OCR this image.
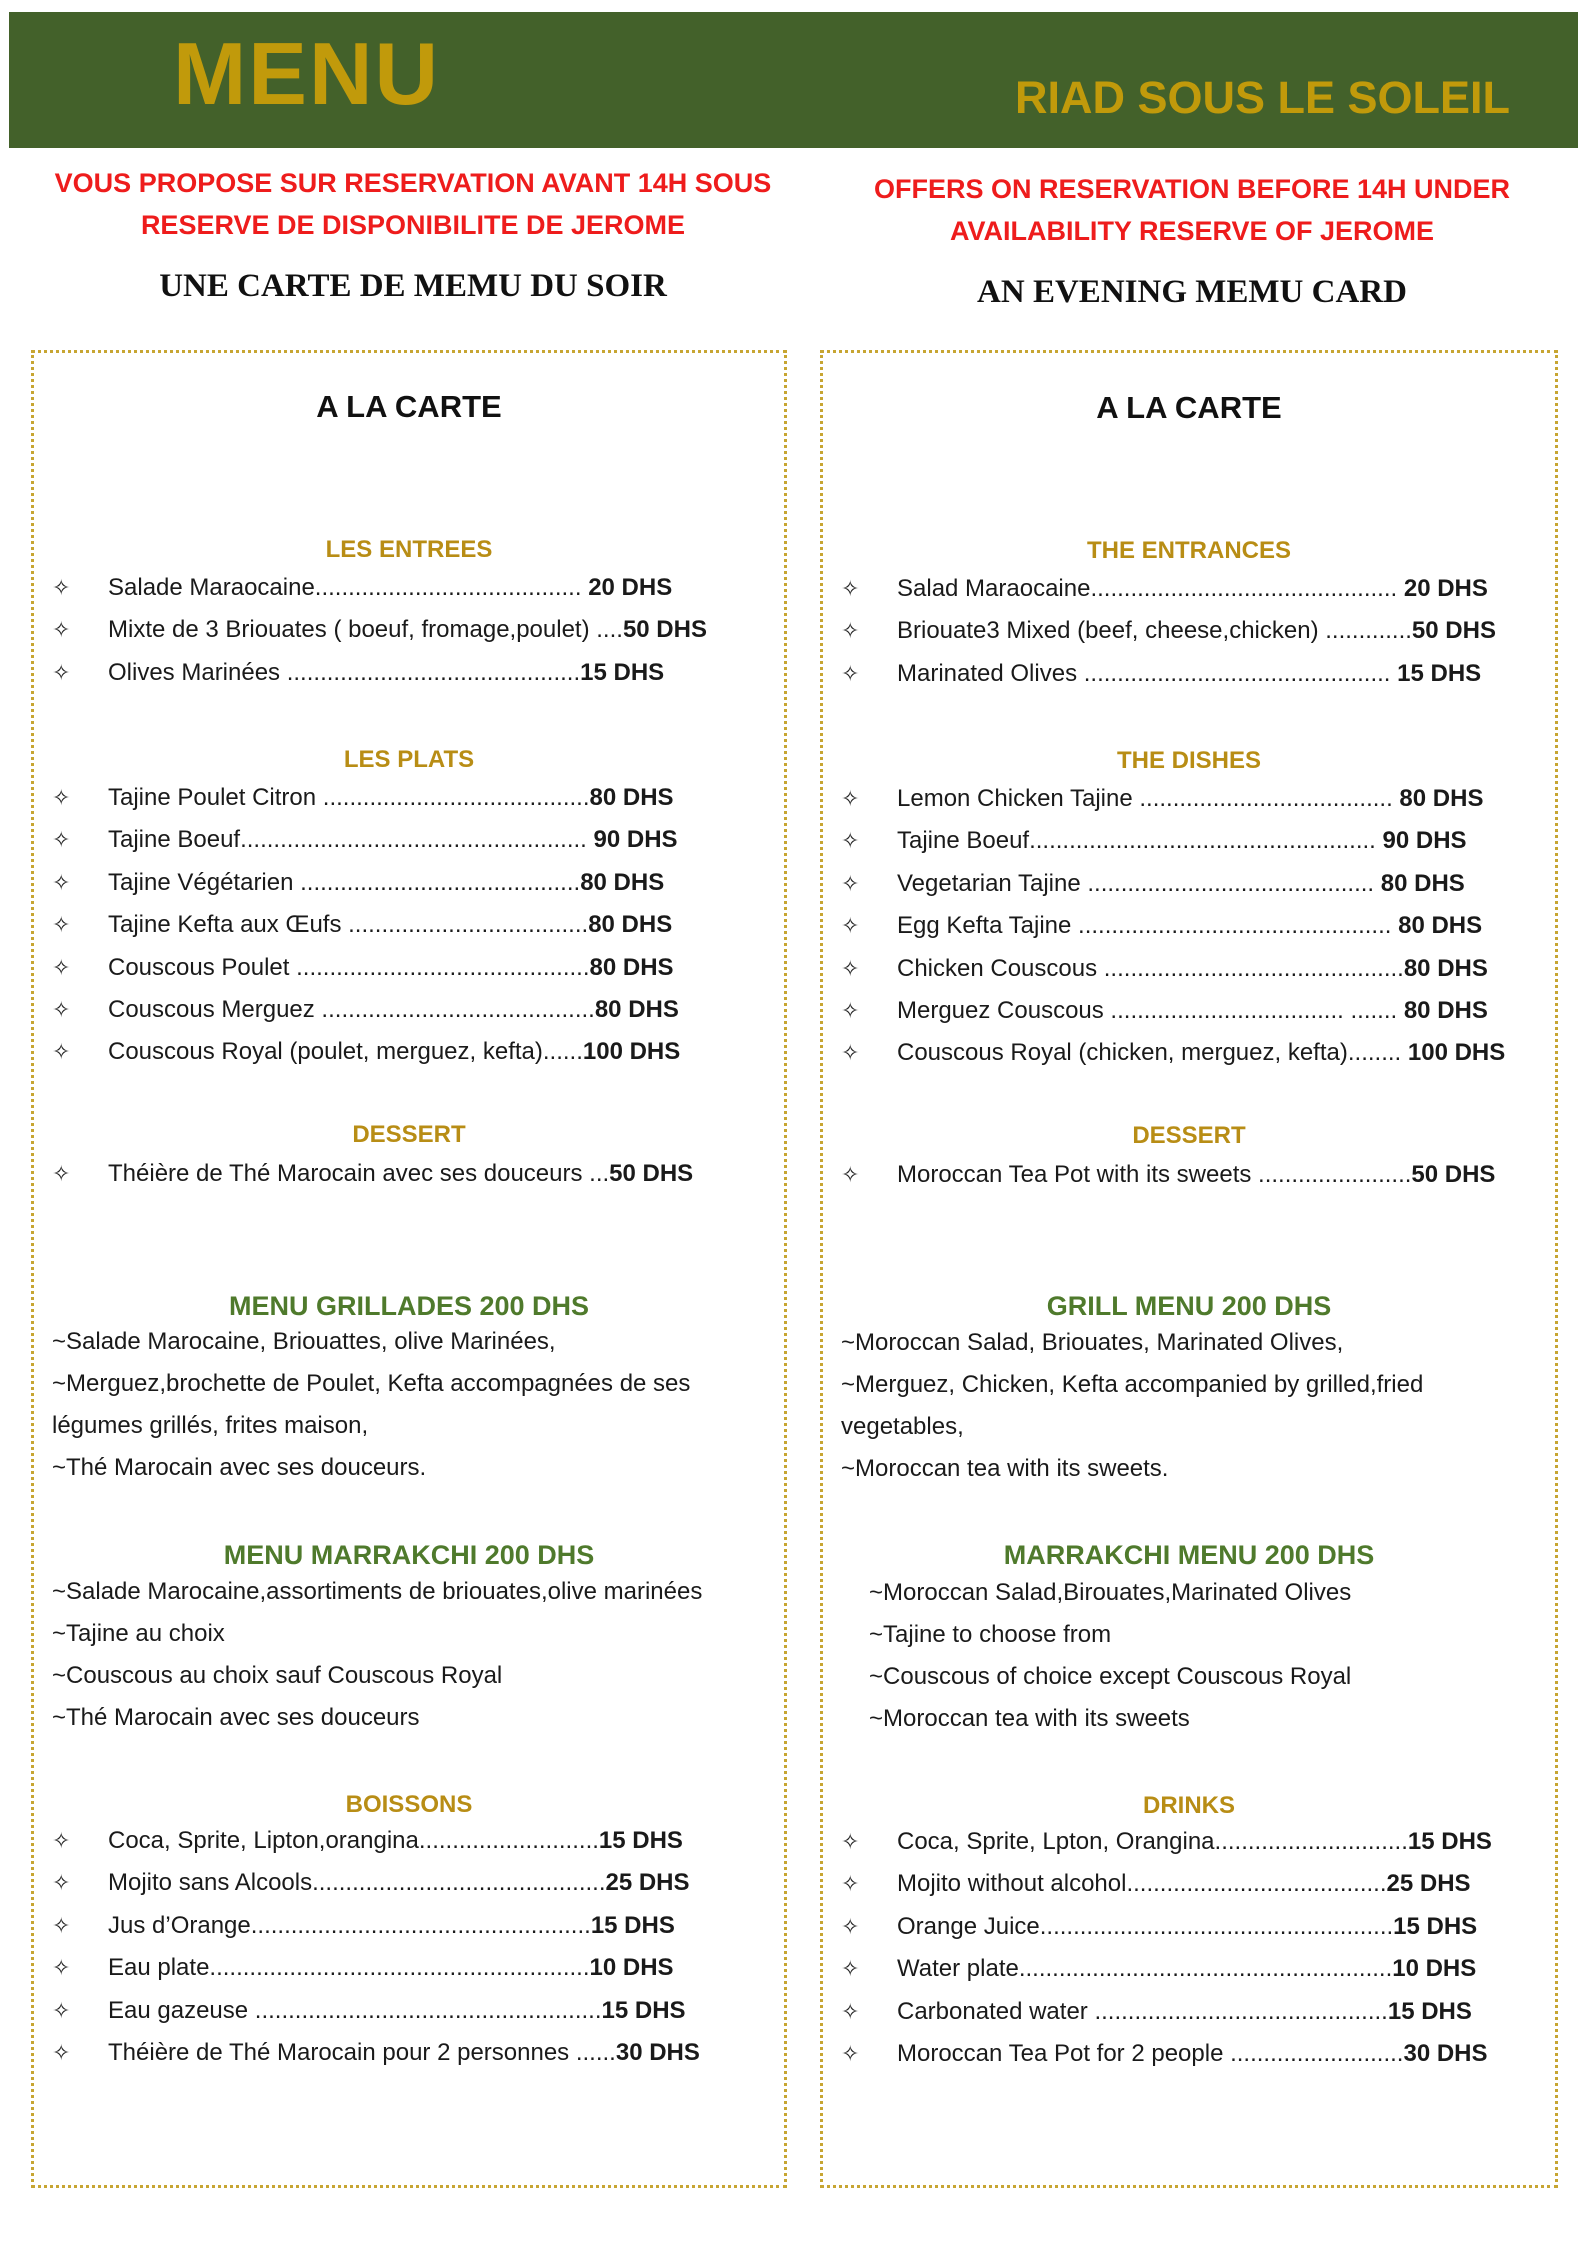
MENU	RIAD SOUS LE SOLEIL
VOUS PROPOSE SUR RESERVATION AVANT 14H SOUS
RESERVE DE DISPONIBILITE DE JEROME
OFFERS ON RESERVATION BEFORE 14H UNDER
AVAILABILITY RESERVE OF JEROME
UNE CARTE DE MEMU DU SOIR	AN EVENING MEMU CARD
A LA CARTE
LES ENTREES
LES PLATS
DESSERT
MENU GRILLADES 200 DHS
MENU MARRAKCHI 200 DHS
BOISSONS
✧ Salade Maraocaine........................................ 20 DHS
✧ Mixte de 3 Briouates ( boeuf, fromage,poulet) ....50 DHS
✧ Olives Marinées ............................................15 DHS
✧ Tajine Poulet Citron ........................................80 DHS
✧ Tajine Boeuf.................................................... 90 DHS
✧ Tajine Végétarien ..........................................80 DHS
✧ Tajine Kefta aux Œufs ....................................80 DHS
✧ Couscous Poulet ............................................80 DHS
✧ Couscous Merguez .........................................80 DHS
✧ Couscous Royal (poulet, merguez, kefta)......100 DHS
✧ Théière de Thé Marocain avec ses douceurs ...50 DHS
✧ Coca, Sprite, Lipton,orangina...........................15 DHS
✧ Mojito sans Alcools............................................25 DHS
✧ Jus d’Orange...................................................15 DHS
✧ Eau plate.........................................................10 DHS
✧ Eau gazeuse ....................................................15 DHS
✧ Théière de Thé Marocain pour 2 personnes ......30 DHS
~Salade Marocaine, Briouattes, olive Marinées,
~Merguez,brochette de Poulet, Kefta accompagnées de ses
légumes grillés, frites maison,
~Thé Marocain avec ses douceurs.
~Salade Marocaine,assortiments de briouates,olive marinées
~Tajine au choix
~Couscous au choix sauf Couscous Royal
~Thé Marocain avec ses douceurs
A LA CARTE
THE ENTRANCES
THE DISHES
DESSERT
GRILL MENU 200 DHS
MARRAKCHI MENU 200 DHS
DRINKS
✧ Salad Maraocaine.............................................. 20 DHS
✧ Briouate3 Mixed (beef, cheese,chicken) .............50 DHS
✧ Marinated Olives .............................................. 15 DHS
✧ Lemon Chicken Tajine ...................................... 80 DHS
✧ Tajine Boeuf.................................................... 90 DHS
✧ Vegetarian Tajine ........................................... 80 DHS
✧ Egg Kefta Tajine ............................................... 80 DHS
✧ Chicken Couscous .............................................80 DHS
✧ Merguez Couscous ................................... ....... 80 DHS
✧ Couscous Royal (chicken, merguez, kefta)........ 100 DHS
✧ Moroccan Tea Pot with its sweets .......................50 DHS
✧ Coca, Sprite, Lpton, Orangina.............................15 DHS
✧ Mojito without alcohol.......................................25 DHS
✧ Orange Juice.....................................................15 DHS
✧ Water plate........................................................10 DHS
✧ Carbonated water ............................................15 DHS
✧ Moroccan Tea Pot for 2 people ..........................30 DHS
~Moroccan Salad, Briouates, Marinated Olives,
~Merguez, Chicken, Kefta accompanied by grilled,fried
vegetables,
~Moroccan tea with its sweets.
~Moroccan Salad,Birouates,Marinated Olives
~Tajine to choose from
~Couscous of choice except Couscous Royal
~Moroccan tea with its sweets
